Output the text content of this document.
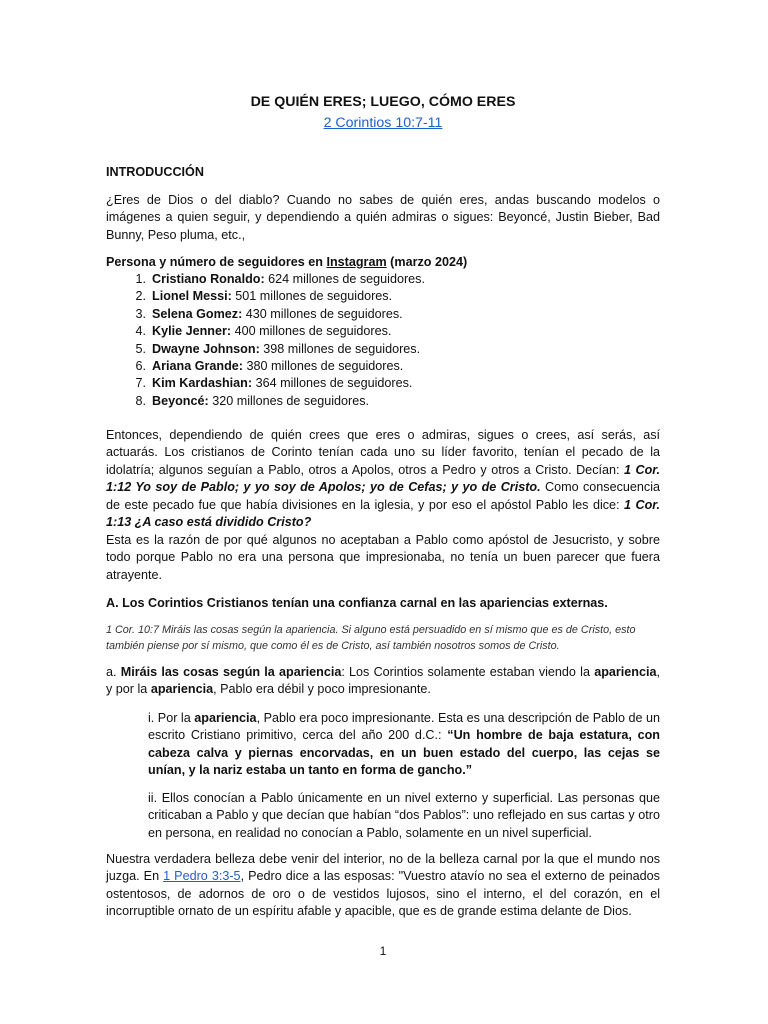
DE QUIÉN ERES; LUEGO, CÓMO ERES
2 Corintios 10:7-11
INTRODUCCIÓN
¿Eres de Dios o del diablo? Cuando no sabes de quién eres, andas buscando modelos o imágenes a quien seguir, y dependiendo a quién admiras o sigues: Beyoncé, Justin Bieber, Bad Bunny, Peso pluma, etc.,
Persona y número de seguidores en Instagram (marzo 2024)
1. Cristiano Ronaldo: 624 millones de seguidores.
2. Lionel Messi: 501 millones de seguidores.
3. Selena Gomez: 430 millones de seguidores.
4. Kylie Jenner: 400 millones de seguidores.
5. Dwayne Johnson: 398 millones de seguidores.
6. Ariana Grande: 380 millones de seguidores.
7. Kim Kardashian: 364 millones de seguidores.
8. Beyoncé: 320 millones de seguidores.
Entonces, dependiendo de quién crees que eres o admiras, sigues o crees, así serás, así actuarás. Los cristianos de Corinto tenían cada uno su líder favorito, tenían el pecado de la idolatría; algunos seguían a Pablo, otros a Apolos, otros a Pedro y otros a Cristo. Decían: 1 Cor. 1:12 Yo soy de Pablo; y yo soy de Apolos; yo de Cefas; y yo de Cristo. Como consecuencia de este pecado fue que había divisiones en la iglesia, y por eso el apóstol Pablo les dice: 1 Cor. 1:13 ¿A caso está dividido Cristo?
Esta es la razón de por qué algunos no aceptaban a Pablo como apóstol de Jesucristo, y sobre todo porque Pablo no era una persona que impresionaba, no tenía un buen parecer que fuera atrayente.
A. Los Corintios Cristianos tenían una confianza carnal en las apariencias externas.
1 Cor. 10:7 Miráis las cosas según la apariencia. Si alguno está persuadido en sí mismo que es de Cristo, esto también piense por sí mismo, que como él es de Cristo, así también nosotros somos de Cristo.
a. Miráis las cosas según la apariencia: Los Corintios solamente estaban viendo la apariencia, y por la apariencia, Pablo era débil y poco impresionante.
i. Por la apariencia, Pablo era poco impresionante. Esta es una descripción de Pablo de un escrito Cristiano primitivo, cerca del año 200 d.C.: “Un hombre de baja estatura, con cabeza calva y piernas encorvadas, en un buen estado del cuerpo, las cejas se unían, y la nariz estaba un tanto en forma de gancho.”
ii. Ellos conocían a Pablo únicamente en un nivel externo y superficial. Las personas que criticaban a Pablo y que decían que habían “dos Pablos”: uno reflejado en sus cartas y otro en persona, en realidad no conocían a Pablo, solamente en un nivel superficial.
Nuestra verdadera belleza debe venir del interior, no de la belleza carnal por la que el mundo nos juzga. En 1 Pedro 3:3-5, Pedro dice a las esposas: "Vuestro atavío no sea el externo de peinados ostentosos, de adornos de oro o de vestidos lujosos, sino el interno, el del corazón, en el incorruptible ornato de un espíritu afable y apacible, que es de grande estima delante de Dios.
1
